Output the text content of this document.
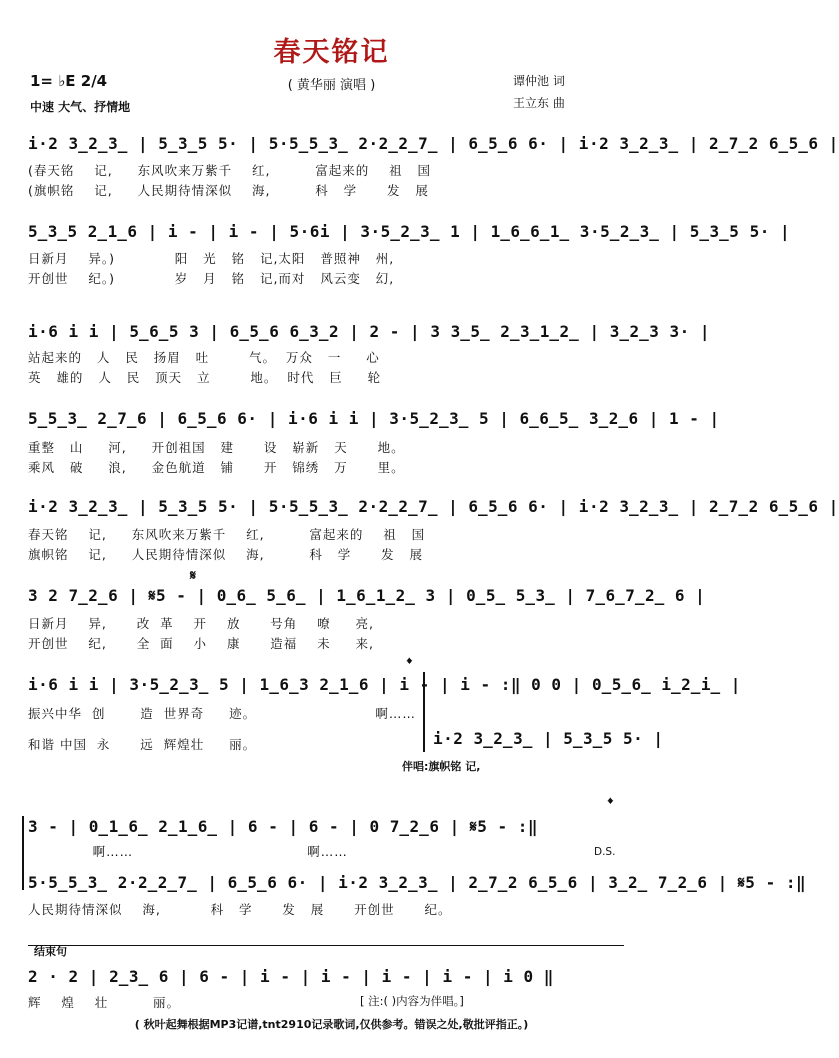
春天铭记
( 黄华丽 演唱 )
1= ♭E 2/4
中速 大气、抒情地
谭仲池 词
王立东 曲
i·2 3̲2̲3̲ | 5̲3̲5 5· | 5·5̲5̲3̲ 2·2̲2̲7̲ | 6̲5̲6 6· | i·2 3̲2̲3̲ | 2̲7̲2 6̲5̲6 |
(春天铭    记,     东风吹来万紫千    红,         富起来的    祖   国
(旗帜铭    记,     人民期待情深似    海,         科   学      发   展
5̲3̲5 2̲1̲6 | i - | i - | 5·6i | 3·5̲2̲3̲ 1 | 1̲6̲6̲1̲ 3·5̲2̲3̲ | 5̲3̲5 5· |
日新月    异。)            阳   光   铭   记,太阳   普照神   州,
开创世    纪。)            岁   月   铭   记,而对   风云变   幻,
i·6 i i | 5̲6̲5 3 | 6̲5̲6 6̲3̲2 | 2 - | 3 3̲5̲ 2̲3̲1̲2̲ | 3̲2̲3 3· |
站起来的   人   民   扬眉   吐        气。  万众   一     心
英   雄的   人   民   顶天   立        地。  时代   巨     轮
5̲5̲3̲ 2̲7̲6 | 6̲5̲6 6· | i·6 i i | 3·5̲2̲3̲ 5 | 6̲6̲5̲ 3̲2̲6 | 1 - |
重整   山     河,     开创祖国   建      设   崭新   天      地。
乘风   破     浪,     金色航道   铺      开   锦绣   万      里。
i·2 3̲2̲3̲ | 5̲3̲5 5· | 5·5̲5̲3̲ 2·2̲2̲7̲ | 6̲5̲6 6· | i·2 3̲2̲3̲ | 2̲7̲2 6̲5̲6 |
春天铭    记,     东风吹来万紫千    红,         富起来的    祖   国
旗帜铭    记,     人民期待情深似    海,         科   学      发   展
3 2 7̲2̲6 | 𝄋5 - | 0̲6̲ 5̲6̲ | 1̲6̲1̲2̲ 3 | 0̲5̲ 5̲3̲ | 7̲6̲7̲2̲ 6 |
𝄋
日新月    异,      改  革    开    放      号角    嘹     亮,
开创世    纪,      全  面    小    康      造福    未     来,
𝄌
i·6 i i | 3·5̲2̲3̲ 5 | 1̲6̲3 2̲1̲6 | i - | i - :‖ 0 0 | 0̲5̲6̲ i̲2̲i̲ |
振兴中华  创       造  世界奇     迹。                        啊……
和谐 中国  永      远  辉煌壮     丽。	i·2 3̲2̲3̲ | 5̲3̲5 5· |
伴唱:旗帜铭 记,
3 - | 0̲1̲6̲ 2̲1̲6̲ | 6 - | 6 - | 0 7̲2̲6 | 𝄋5 - :‖
啊……                                   啊……
𝄌
D.S.
5·5̲5̲3̲ 2·2̲2̲7̲ | 6̲5̲6 6· | i·2 3̲2̲3̲ | 2̲7̲2 6̲5̲6 | 3̲2̲ 7̲2̲6 | 𝄋5 - :‖
人民期待情深似    海,          科   学      发   展      开创世      纪。
结束句
2 · 2 | 2̲3̲ 6 | 6 - | i - | i - | i - | i - | i 0 ‖
辉    煌    壮         丽。	[ 注:( )内容为伴唱。]
( 秋叶起舞根据MP3记谱,tnt2910记录歌词,仅供参考。错误之处,敬批评指正。)
